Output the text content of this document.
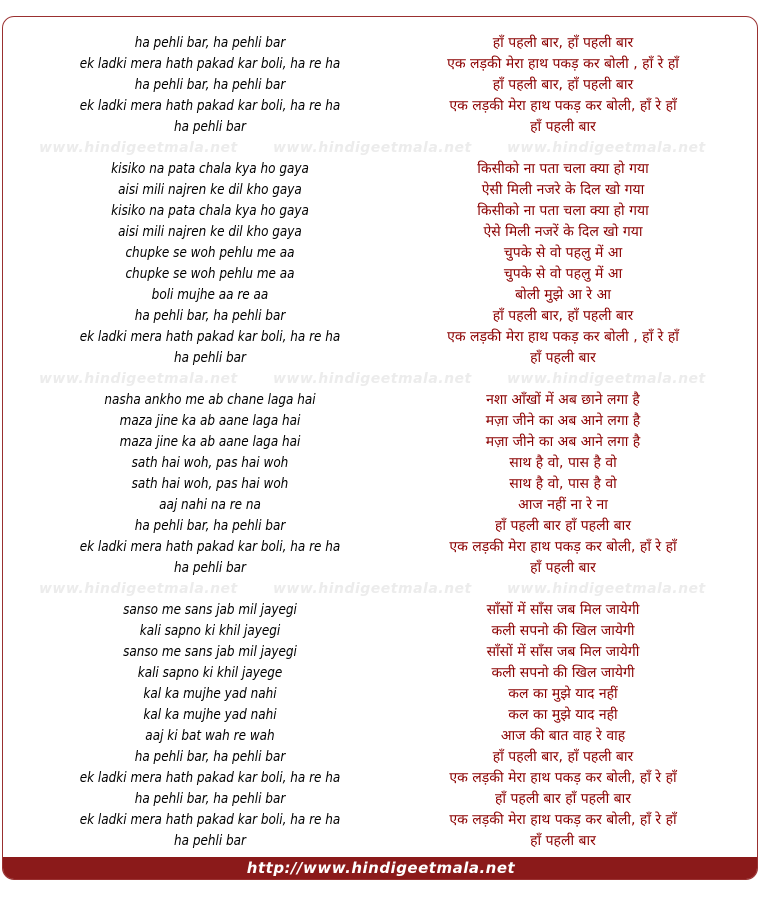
ha pehli bar, ha pehli bar	हाँ पहली बार, हाँ पहली बार
ek ladki mera hath pakad kar boli, ha re ha	एक लड़की मेरा हाथ पकड़ कर बोली , हाँ रे हाँ
ha pehli bar, ha pehli bar	हाँ पहली बार, हाँ पहली बार
ek ladki mera hath pakad kar boli, ha re ha	एक लड़की मेरा हाथ पकड़ कर बोली, हाँ रे हाँ
ha pehli bar	हाँ पहली बार
www.hindigeetmala.net	www.hindigeetmala.net	www.hindigeetmala.net
kisiko na pata chala kya ho gaya	किसीको ना पता चला क्या हो गया
aisi mili najren ke dil kho gaya	ऐसी मिली नजरे के दिल खो गया
kisiko na pata chala kya ho gaya	किसीको ना पता चला क्या हो गया
aisi mili najren ke dil kho gaya	ऐसे मिली नजरें के दिल खो गया
chupke se woh pehlu me aa	चुपके से वो पहलु में आ
chupke se woh pehlu me aa	चुपके से वो पहलु में आ
boli mujhe aa re aa	बोली मुझे आ रे आ
ha pehli bar, ha pehli bar	हाँ पहली बार, हाँ पहली बार
ek ladki mera hath pakad kar boli, ha re ha	एक लड़की मेरा हाथ पकड़ कर बोली , हाँ रे हाँ
ha pehli bar	हाँ पहली बार
www.hindigeetmala.net	www.hindigeetmala.net	www.hindigeetmala.net
nasha ankho me ab chane laga hai	नशा आँखों में अब छाने लगा है
maza jine ka ab aane laga hai	मज़ा जीने का अब आने लगा है
maza jine ka ab aane laga hai	मज़ा जीने का अब आने लगा है
sath hai woh, pas hai woh	साथ है वो, पास है वो
sath hai woh, pas hai woh	साथ है वो, पास है वो
aaj nahi na re na	आज नहीं ना रे ना
ha pehli bar, ha pehli bar	हाँ पहली बार हाँ पहली बार
ek ladki mera hath pakad kar boli, ha re ha	एक लड़की मेरा हाथ पकड़ कर बोली, हाँ रे हाँ
ha pehli bar	हाँ पहली बार
www.hindigeetmala.net	www.hindigeetmala.net	www.hindigeetmala.net
sanso me sans jab mil jayegi	साँसों में साँस जब मिल जायेगी
kali sapno ki khil jayegi	कली सपनो की खिल जायेगी
sanso me sans jab mil jayegi	साँसों में साँस जब मिल जायेगी
kali sapno ki khil jayege	कली सपनो की खिल जायेगी
kal ka mujhe yad nahi	कल का मुझे याद नहीं
kal ka mujhe yad nahi	कल का मुझे याद नही
aaj ki bat wah re wah	आज की बात वाह रे वाह
ha pehli bar, ha pehli bar	हाँ पहली बार, हाँ पहली बार
ek ladki mera hath pakad kar boli, ha re ha	एक लड़की मेरा हाथ पकड़ कर बोली, हाँ रे हाँ
ha pehli bar, ha pehli bar	हाँ पहली बार हाँ पहली बार
ek ladki mera hath pakad kar boli, ha re ha	एक लड़की मेरा हाथ पकड़ कर बोली, हाँ रे हाँ
ha pehli bar	हाँ पहली बार
http://www.hindigeetmala.net
